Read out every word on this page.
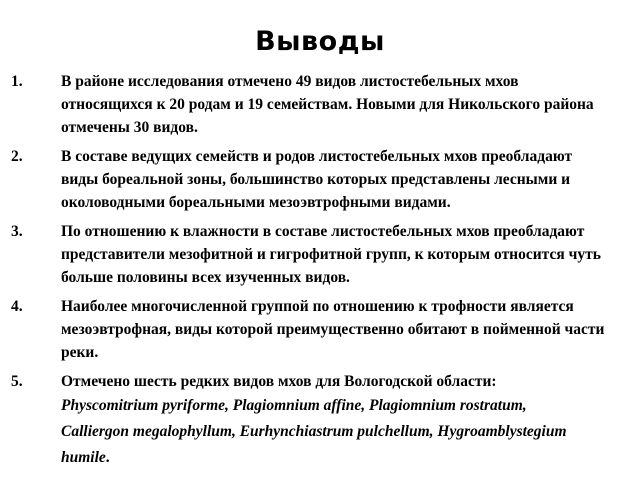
Выводы
1. В районе исследования отмечено 49 видов листостебельных мхов относящихся к 20 родам и 19 семействам. Новыми для Никольского района отмечены 30 видов.
2. В составе ведущих семейств и родов листостебельных мхов преобладают виды бореальной зоны, большинство которых представлены лесными и околоводными бореальными мезоэвтрофными видами.
3. По отношению к влажности в составе листостебельных мхов преобладают представители мезофитной и гигрофитной групп, к которым относится чуть больше половины всех изученных видов.
4. Наиболее многочисленной группой по отношению к трофности является мезоэвтрофная, виды которой преимущественно обитают в пойменной части реки.
5. Отмечено шесть редких видов мхов для Вологодской области:
Physcomitrium pyriforme, Plagiomnium affine, Plagiomnium rostratum,
Calliergon megalophyllum, Eurhynchiastrum pulchellum, Hygroamblystegium humile.
